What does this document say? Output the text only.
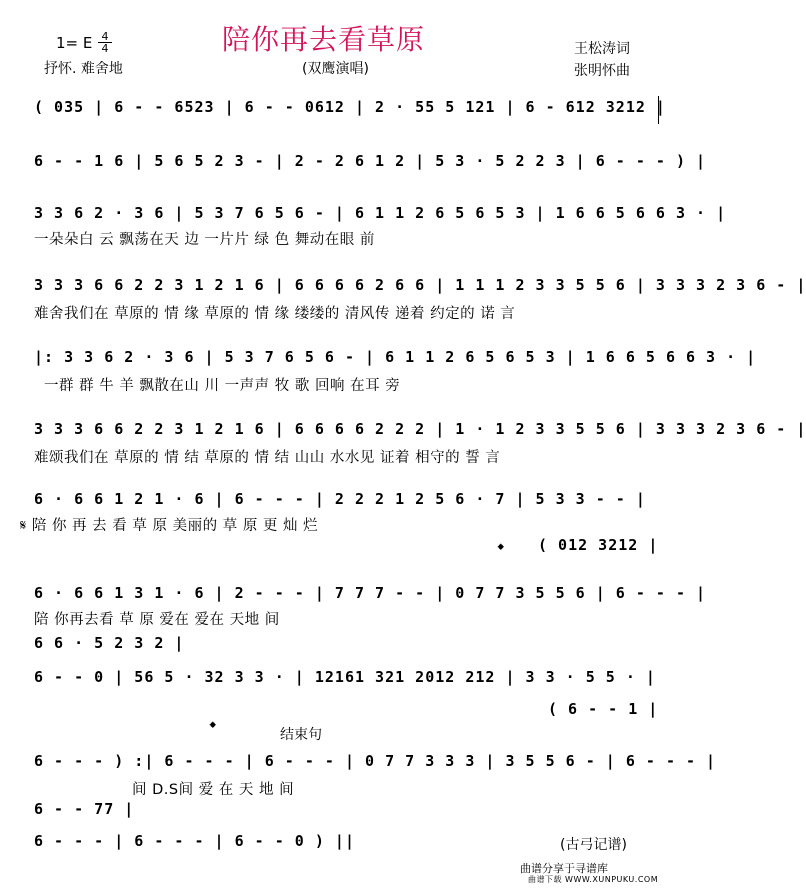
1= E $\frac{4}{4}$
抒怀. 难舍地
陪你再去看草原
(双鹰演唱)
王松涛词
张明怀曲
( 035 | 6 - - 6523 | 6 - - 0612 | 2 · 55 5 121 | 6 - 612 3212 |
6 - - 1 6 | 5 6 5 2 3 - | 2 - 2 6 1 2 | 5 3 · 5 2 2 3 | 6 - - - ) |
3 3 6 2 · 3 6 | 5 3 7 6 5 6 - | 6 1 1 2 6 5 6 5 3 | 1 6 6 5 6 6 3 · |
一朵朵白 云 飘荡在天 边 一片片 绿 色 舞动在眼 前
3 3 3 6 6 2 2 3 1 2 1 6 | 6 6 6 6 2 6 6 | 1 1 1 2 3 3 5 5 6 | 3 3 3 2 3 6 - |
难舍我们在 草原的 情 缘 草原的 情 缘 缕缕的 清风传 递着 约定的 诺 言
|: 3 3 6 2 · 3 6 | 5 3 7 6 5 6 - | 6 1 1 2 6 5 6 5 3 | 1 6 6 5 6 6 3 · |
一群 群 牛 羊 飘散在山 川 一声声 牧 歌 回响 在耳 旁
3 3 3 6 6 2 2 3 1 2 1 6 | 6 6 6 6 2 2 2 | 1 · 1 2 3 3 5 5 6 | 3 3 3 2 3 6 - |
难颂我们在 草原的 情 结 草原的 情 结 山山 水水见 证着 相守的 誓 言
6 · 6 6 1 2 1 · 6 | 6 - - - | 2 2 2 1 2 5 6 · 7 | 5 3 3 - - |
𝄋 陪 你 再 去 看 草 原 美丽的 草 原 更 灿 烂
𝄌 ( 012 3212 |
6 · 6 6 1 3 1 · 6 | 2 - - - | 7 7 7 - - | 0 7 7 3 5 5 6 | 6 - - - |
陪 你再去看 草 原 爱在 爱在 天地 间
6 6 · 5 2 3 2 |
6 - - 0 | 56 5 · 32 3 3 · | 12161 321 2012 212 | 3 3 · 5 5 · |
( 6 - - 1 |
𝄌	结束句
6 - - - ) :| 6 - - - | 6 - - - | 0 7 7 3 3 3 | 3 5 5 6 - | 6 - - - |
间 D.S间 爱 在 天 地 间
6 - - 77 |
6 - - - | 6 - - - | 6 - - 0 ) ||	(古弓记谱)
曲谱分享于寻谱库
曲谱下载 WWW.XUNPUKU.COM
